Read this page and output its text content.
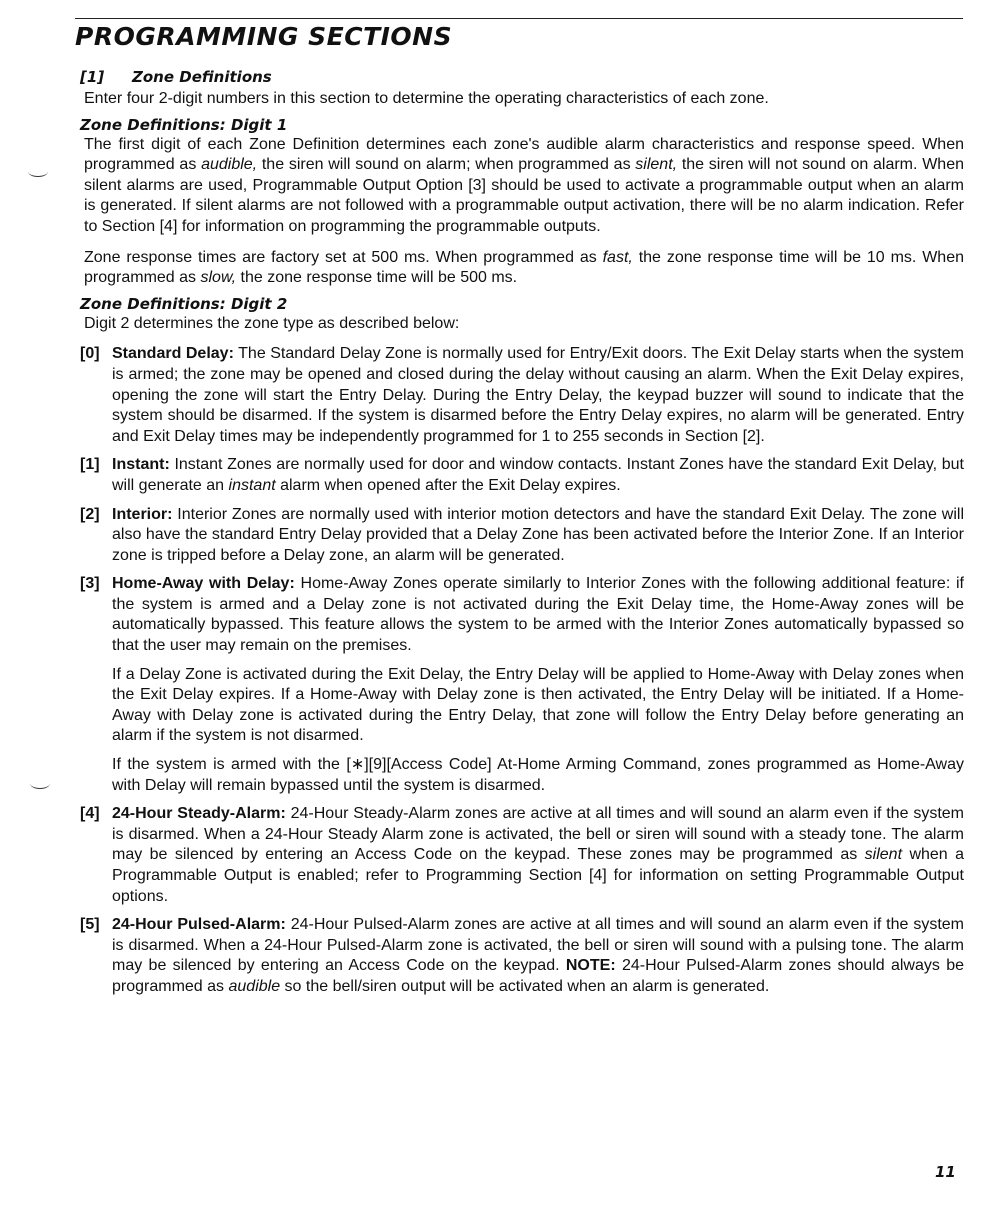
PROGRAMMING SECTIONS
[1] Zone Definitions

Enter four 2-digit numbers in this section to determine the operating characteristics of each zone.

Zone Definitions: Digit 1

The first digit of each Zone Definition determines each zone's audible alarm characteristics and response speed. When programmed as audible, the siren will sound on alarm; when programmed as silent, the siren will not sound on alarm. When silent alarms are used, Programmable Output Option [3] should be used to activate a programmable output when an alarm is generated. If silent alarms are not followed with a programmable output activation, there will be no alarm indication. Refer to Section [4] for information on programming the programmable outputs.

Zone response times are factory set at 500 ms. When programmed as fast, the zone response time will be 10 ms. When programmed as slow, the zone response time will be 500 ms.

Zone Definitions: Digit 2

Digit 2 determines the zone type as described below:

[0] Standard Delay: The Standard Delay Zone is normally used for Entry/Exit doors. The Exit Delay starts when the system is armed; the zone may be opened and closed during the delay without causing an alarm. When the Exit Delay expires, opening the zone will start the Entry Delay. During the Entry Delay, the keypad buzzer will sound to indicate that the system should be disarmed. If the system is disarmed before the Entry Delay expires, no alarm will be generated. Entry and Exit Delay times may be independently programmed for 1 to 255 seconds in Section [2].

[1] Instant: Instant Zones are normally used for door and window contacts. Instant Zones have the standard Exit Delay, but will generate an instant alarm when opened after the Exit Delay expires.

[2] Interior: Interior Zones are normally used with interior motion detectors and have the standard Exit Delay. The zone will also have the standard Entry Delay provided that a Delay Zone has been activated before the Interior Zone. If an Interior zone is tripped before a Delay zone, an alarm will be generated.

[3] Home-Away with Delay: Home-Away Zones operate similarly to Interior Zones with the following additional feature: if the system is armed and a Delay zone is not activated during the Exit Delay time, the Home-Away zones will be automatically bypassed. This feature allows the system to be armed with the Interior Zones automatically bypassed so that the user may remain on the premises.

If a Delay Zone is activated during the Exit Delay, the Entry Delay will be applied to Home-Away with Delay zones when the Exit Delay expires. If a Home-Away with Delay zone is then activated, the Entry Delay will be initiated. If a Home-Away with Delay zone is activated during the Entry Delay, that zone will follow the Entry Delay before generating an alarm if the system is not disarmed.

If the system is armed with the [∗][9][Access Code] At-Home Arming Command, zones programmed as Home-Away with Delay will remain bypassed until the system is disarmed.

[4] 24-Hour Steady-Alarm: 24-Hour Steady-Alarm zones are active at all times and will sound an alarm even if the system is disarmed. When a 24-Hour Steady Alarm zone is activated, the bell or siren will sound with a steady tone. The alarm may be silenced by entering an Access Code on the keypad. These zones may be programmed as silent when a Programmable Output is enabled; refer to Programming Section [4] for information on setting Programmable Output options.

[5] 24-Hour Pulsed-Alarm: 24-Hour Pulsed-Alarm zones are active at all times and will sound an alarm even if the system is disarmed. When a 24-Hour Pulsed-Alarm zone is activated, the bell or siren will sound with a pulsing tone. The alarm may be silenced by entering an Access Code on the keypad. NOTE: 24-Hour Pulsed-Alarm zones should always be programmed as audible so the bell/siren output will be activated when an alarm is generated.

11
